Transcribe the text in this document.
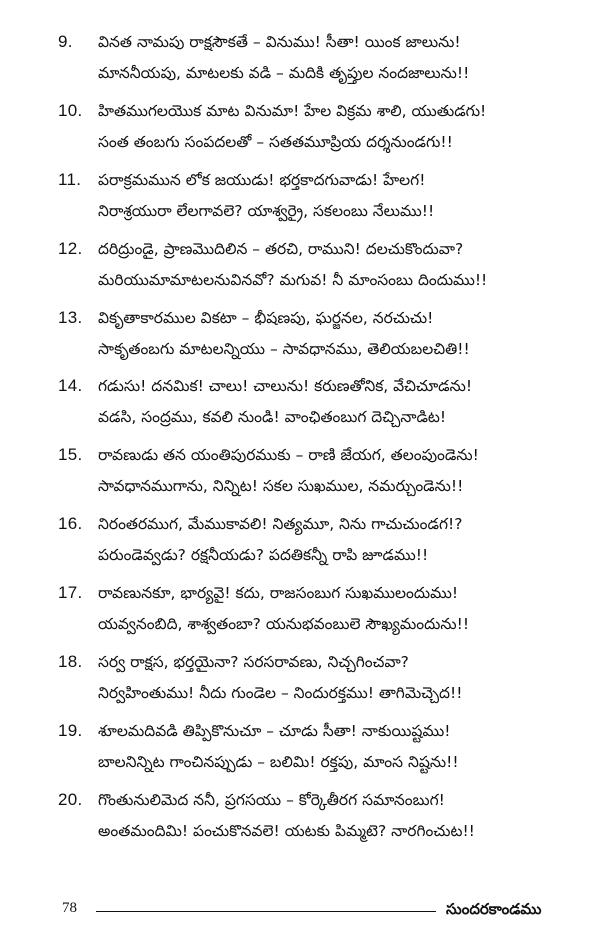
9.	వినత నామపు రాక్షసౌకతే – వినుము! సీతా! యింక జాలును!
మాననీయపు, మాటలకు వడి – మదికి తృప్తుల నందజాలును!!
10. హితముగలయొక మాట వినుమా! హేల విక్రమ శాలి, యుతుడగు!
సంత తంబగు సంపదలతో – సతతమూప్రియ దర్శనుండగు!!
11.	పరాక్రమమున లోక జయుడు! భర్తకాదగువాడు! హేలగ!
నిరాశ్రయురా లేలగావలె? యాశ్వర్రై, సకలంబు నేలుము!!
12. దరిద్రుండై, ప్రాణమొదిలిన – తరచి, రాముని! దలచుకొందువా?
మరియుమామాటలనువినవో? మగువ! నీ మాంసంబు దిందుము!!
13. వికృతాకారముల వికటా – భీషణపు, ఘర్జనల, నరచుచు!
సాకృతంబగు మాటలన్నియు – సావధానము, తెలియబలచితి!!
14. గడుసు! దనమిక! చాలు! చాలును! కరుణతోనిక, వేచిచూడను!
వడసి, సంద్రము, కవలి నుండి! వాంఛితంబుగ దెచ్చినాడిట!
15. రావణుడు తన యంతిపురముకు – రాణి జేయగ, తలంపుండెను!
సావధానముగాను, నిన్నిట! సకల సుఖముల, నమర్చుండెను!!
16. నిరంతరముగ, మేముకావలి! నిత్యమూ, నిను గాచుచుండగ!?
పరుండెవ్వడు? రక్షనీయడు? పదతికన్నీ రాపి జూడము!!
17. రావణునకూ, భార్యవై! కదు, రాజసంబుగ సుఖములందుము!
యవ్వనంబిది, శాశ్వతంబా? యనుభవంబులె సౌఖ్యమందును!!
18. సర్వ రాక్షస, భర్తయైనా? సరసరావణు, నిచ్చగించవా?
నిర్వహింతుము! నీదు గుండెల – నిందురక్తము! తాగిమెచ్చెద!!
19. శూలమదివడి తిప్పికొనుచూ – చూడు సీతా! నాకుయిష్టము!
బాలనిన్నిట గాంచినప్పుడు – బలిమి! రక్తపు, మాంస నిష్టను!!
20. గొంతునులిమెద ననీ, ప్రగసయు – కోర్కెతీరగ సమానంబుగ!
అంతమందిమి! పంచుకొనవలె! యటకు పిమ్మటె? నారగించుట!!
78	సుందరకాండము
